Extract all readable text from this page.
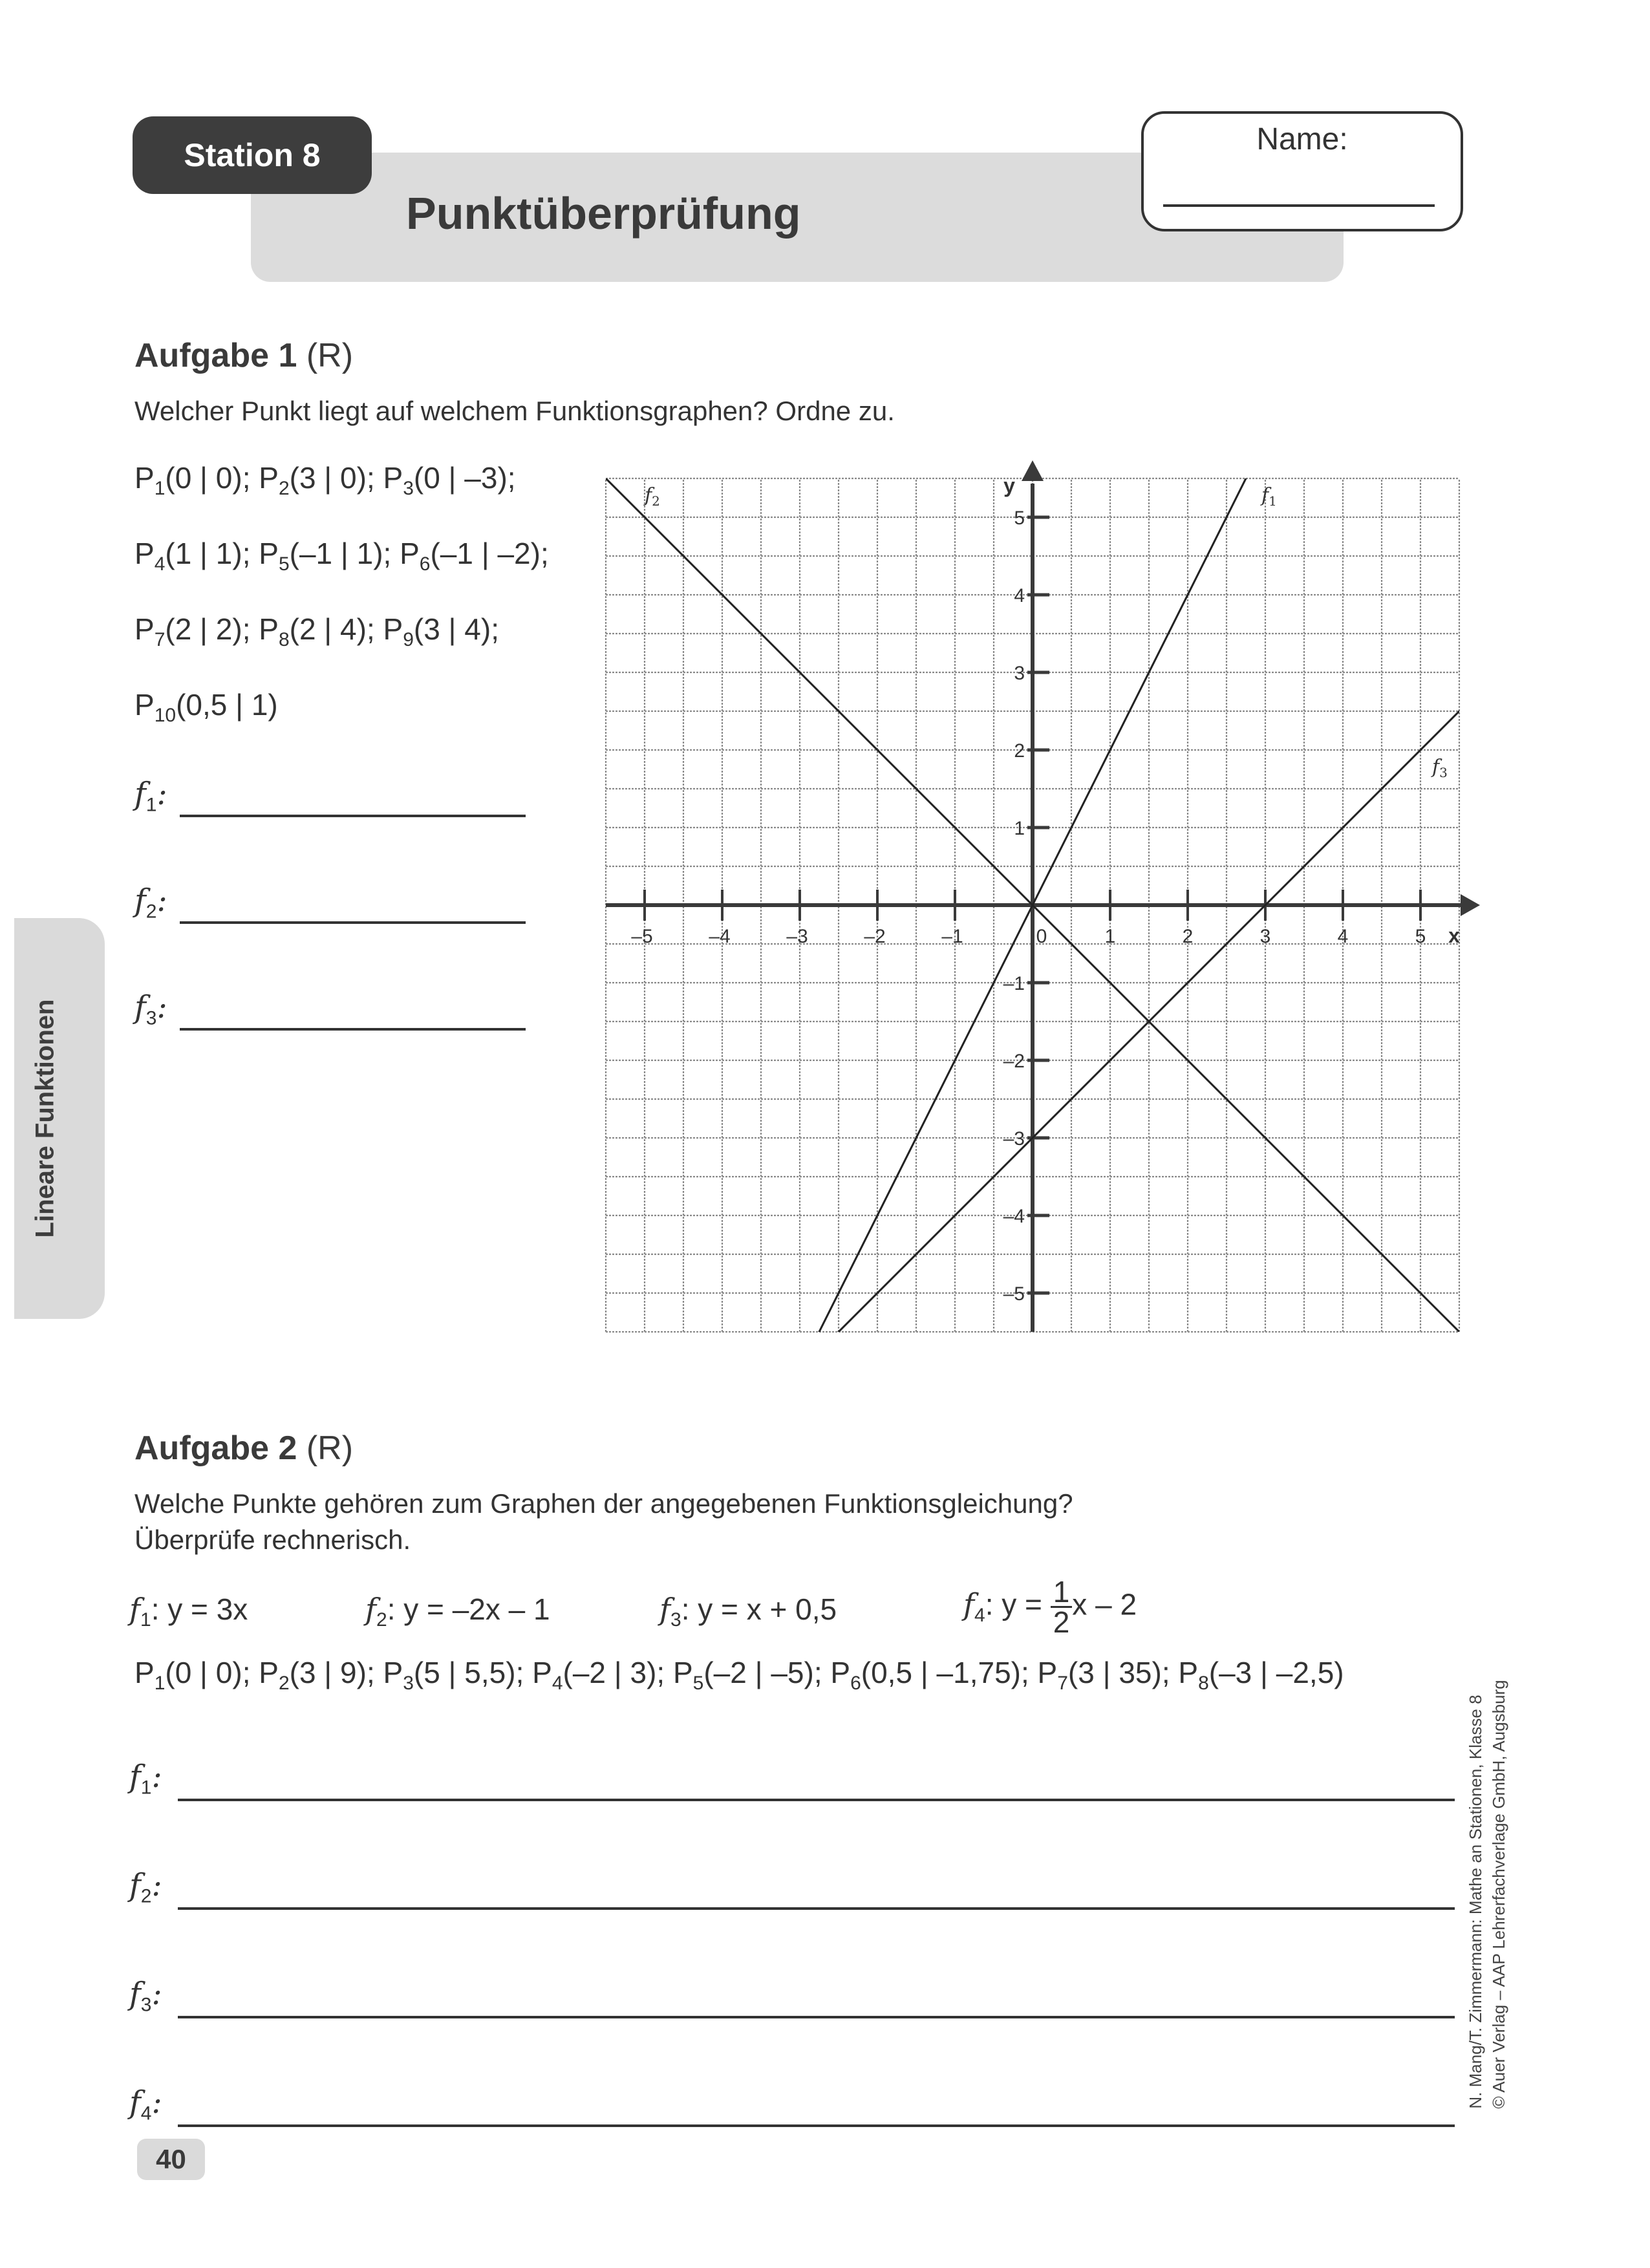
Station 8
Punktüberprüfung
Name:
Lineare Funktionen
Aufgabe 1 (R)
Welcher Punkt liegt auf welchem Funktionsgraphen? Ordne zu.
$P_1(0$ | 0); $P_2(3$ | 0); $P_3(0$ | –3);
$P_4(1$ | 1); $P_5(-1$ | 1); $P_6(-1$ | –2);
$P_7(2$ | 2); $P_8(2$ | 4); $P_9(3$ | 4);
$P_{10}(0,5$ | 1)
$f_1$:
$f_2$:
$f_3$:
–5	–4	–3	–2	–1	0	1	2	3	4	5
–5
–4
–3
–2
–1
1
2
3
4
5
x
y	$f_1$
$f_2$
$f_3$
Aufgabe 2 (R)
Welche Punkte gehören zum Graphen der angegebenen Funktionsgleichung?
Überprüfe rechnerisch.
$f_1$: y = 3x	$f_2$: y = –2x – 1	$f_3$: y = x + 0,5	$f_4$: $y = \frac{1}{2}$ x – 2
$P_1(0$ | 0); $P_2(3$ | 9); $P_3(5$ | 5,5); $P_4(-2$ | 3); $P_5(-2$ | –5); $P_6(0,5$ | –1,75); $P_7(3$ | 35); $P_8(-3$ | –2,5)
$f_1$:
$f_2$:
$f_3$:
$f_4$:	N. Mang/T. Zimmermann: Mathe an Stationen, Klasse 8 © Auer Verlag – AAP Lehrerfachverlage GmbH, Augsburg
40
